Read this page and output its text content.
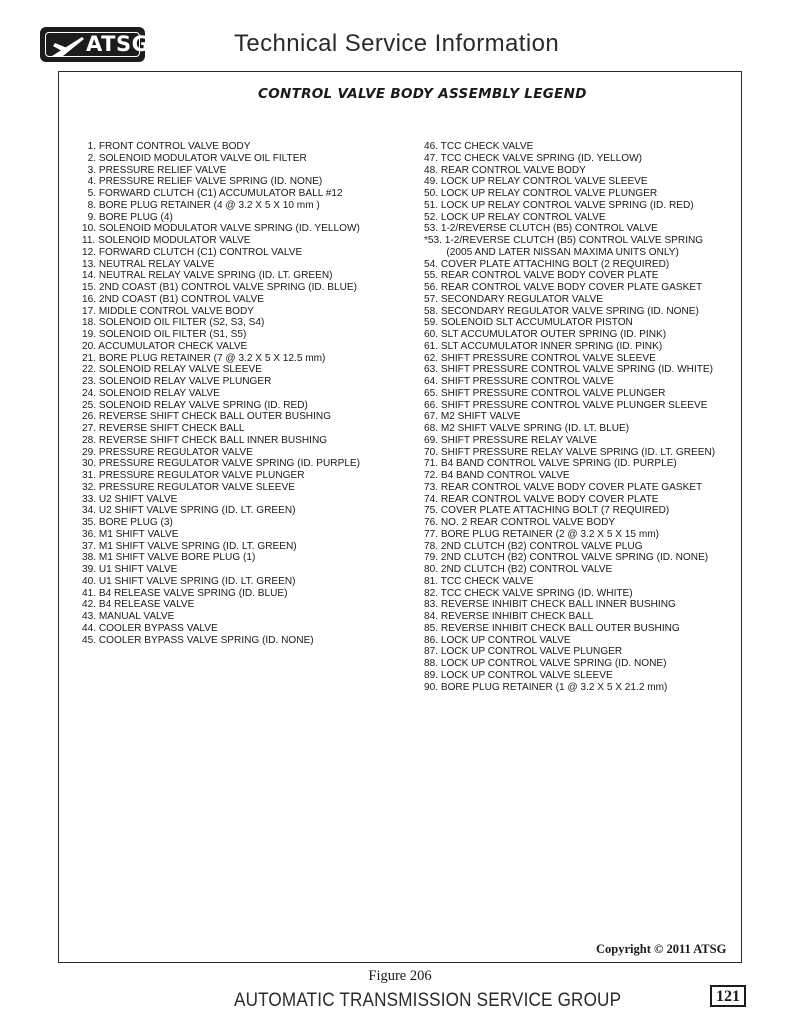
ATSG	Technical Service Information
CONTROL VALVE BODY ASSEMBLY LEGEND
1. FRONT CONTROL VALVE BODY
2. SOLENOID MODULATOR VALVE OIL FILTER
3. PRESSURE RELIEF VALVE
4. PRESSURE RELIEF VALVE SPRING (ID. NONE)
5. FORWARD CLUTCH (C1) ACCUMULATOR BALL #12
8. BORE PLUG RETAINER (4 @ 3.2 X 5 X 10 mm )
9. BORE PLUG (4)
10. SOLENOID MODULATOR VALVE SPRING (ID. YELLOW)
11. SOLENOID MODULATOR VALVE
12. FORWARD CLUTCH (C1) CONTROL VALVE
13. NEUTRAL RELAY VALVE
14. NEUTRAL RELAY VALVE SPRING (ID. LT. GREEN)
15. 2ND COAST (B1) CONTROL VALVE SPRING (ID. BLUE)
16. 2ND COAST (B1) CONTROL VALVE
17. MIDDLE CONTROL VALVE BODY
18. SOLENOID OIL FILTER (S2, S3, S4)
19. SOLENOID OIL FILTER (S1, S5)
20. ACCUMULATOR CHECK VALVE
21. BORE PLUG RETAINER (7 @ 3.2 X 5 X 12.5 mm)
22. SOLENOID RELAY VALVE SLEEVE
23. SOLENOID RELAY VALVE PLUNGER
24. SOLENOID RELAY VALVE
25. SOLENOID RELAY VALVE SPRING (ID. RED)
26. REVERSE SHIFT CHECK BALL OUTER BUSHING
27. REVERSE SHIFT CHECK BALL
28. REVERSE SHIFT CHECK BALL INNER BUSHING
29. PRESSURE REGULATOR VALVE
30. PRESSURE REGULATOR VALVE SPRING (ID. PURPLE)
31. PRESSURE REGULATOR VALVE PLUNGER
32. PRESSURE REGULATOR VALVE SLEEVE
33. U2 SHIFT VALVE
34. U2 SHIFT VALVE SPRING (ID. LT. GREEN)
35. BORE PLUG (3)
36. M1 SHIFT VALVE
37. M1 SHIFT VALVE SPRING (ID. LT. GREEN)
38. M1 SHIFT VALVE BORE PLUG (1)
39. U1 SHIFT VALVE
40. U1 SHIFT VALVE SPRING (ID. LT. GREEN)
41. B4 RELEASE VALVE SPRING (ID. BLUE)
42. B4 RELEASE VALVE
43. MANUAL VALVE
44. COOLER BYPASS VALVE
45. COOLER BYPASS VALVE SPRING (ID. NONE)
46. TCC CHECK VALVE
47. TCC CHECK VALVE SPRING (ID. YELLOW)
48. REAR CONTROL VALVE BODY
49. LOCK UP RELAY CONTROL VALVE SLEEVE
50. LOCK UP RELAY CONTROL VALVE PLUNGER
51. LOCK UP RELAY CONTROL VALVE SPRING (ID. RED)
52. LOCK UP RELAY CONTROL VALVE
53. 1-2/REVERSE CLUTCH (B5) CONTROL VALVE
*53. 1-2/REVERSE CLUTCH (B5) CONTROL VALVE SPRING
(2005 AND LATER NISSAN MAXIMA UNITS ONLY)
54. COVER PLATE ATTACHING BOLT (2 REQUIRED)
55. REAR CONTROL VALVE BODY COVER PLATE
56. REAR CONTROL VALVE BODY COVER PLATE GASKET
57. SECONDARY REGULATOR VALVE
58. SECONDARY REGULATOR VALVE SPRING (ID. NONE)
59. SOLENOID SLT ACCUMULATOR PISTON
60. SLT ACCUMULATOR OUTER SPRING (ID. PINK)
61. SLT ACCUMULATOR INNER SPRING (ID. PINK)
62. SHIFT PRESSURE CONTROL VALVE SLEEVE
63. SHIFT PRESSURE CONTROL VALVE SPRING (ID. WHITE)
64. SHIFT PRESSURE CONTROL VALVE
65. SHIFT PRESSURE CONTROL VALVE PLUNGER
66. SHIFT PRESSURE CONTROL VALVE PLUNGER SLEEVE
67. M2 SHIFT VALVE
68. M2 SHIFT VALVE SPRING (ID. LT. BLUE)
69. SHIFT PRESSURE RELAY VALVE
70. SHIFT PRESSURE RELAY VALVE SPRING (ID. LT. GREEN)
71. B4 BAND CONTROL VALVE SPRING (ID. PURPLE)
72. B4 BAND CONTROL VALVE
73. REAR CONTROL VALVE BODY COVER PLATE GASKET
74. REAR CONTROL VALVE BODY COVER PLATE
75. COVER PLATE ATTACHING BOLT (7 REQUIRED)
76. NO. 2 REAR CONTROL VALVE BODY
77. BORE PLUG RETAINER (2 @ 3.2 X 5 X 15 mm)
78. 2ND CLUTCH (B2) CONTROL VALVE PLUG
79. 2ND CLUTCH (B2) CONTROL VALVE SPRING (ID. NONE)
80. 2ND CLUTCH (B2) CONTROL VALVE
81. TCC CHECK VALVE
82. TCC CHECK VALVE SPRING (ID. WHITE)
83. REVERSE INHIBIT CHECK BALL INNER BUSHING
84. REVERSE INHIBIT CHECK BALL
85. REVERSE INHIBIT CHECK BALL OUTER BUSHING
86. LOCK UP CONTROL VALVE
87. LOCK UP CONTROL VALVE PLUNGER
88. LOCK UP CONTROL VALVE SPRING (ID. NONE)
89. LOCK UP CONTROL VALVE SLEEVE
90. BORE PLUG RETAINER (1 @ 3.2 X 5 X 21.2 mm)
Copyright © 2011 ATSG
Figure 206
AUTOMATIC TRANSMISSION SERVICE GROUP	121
